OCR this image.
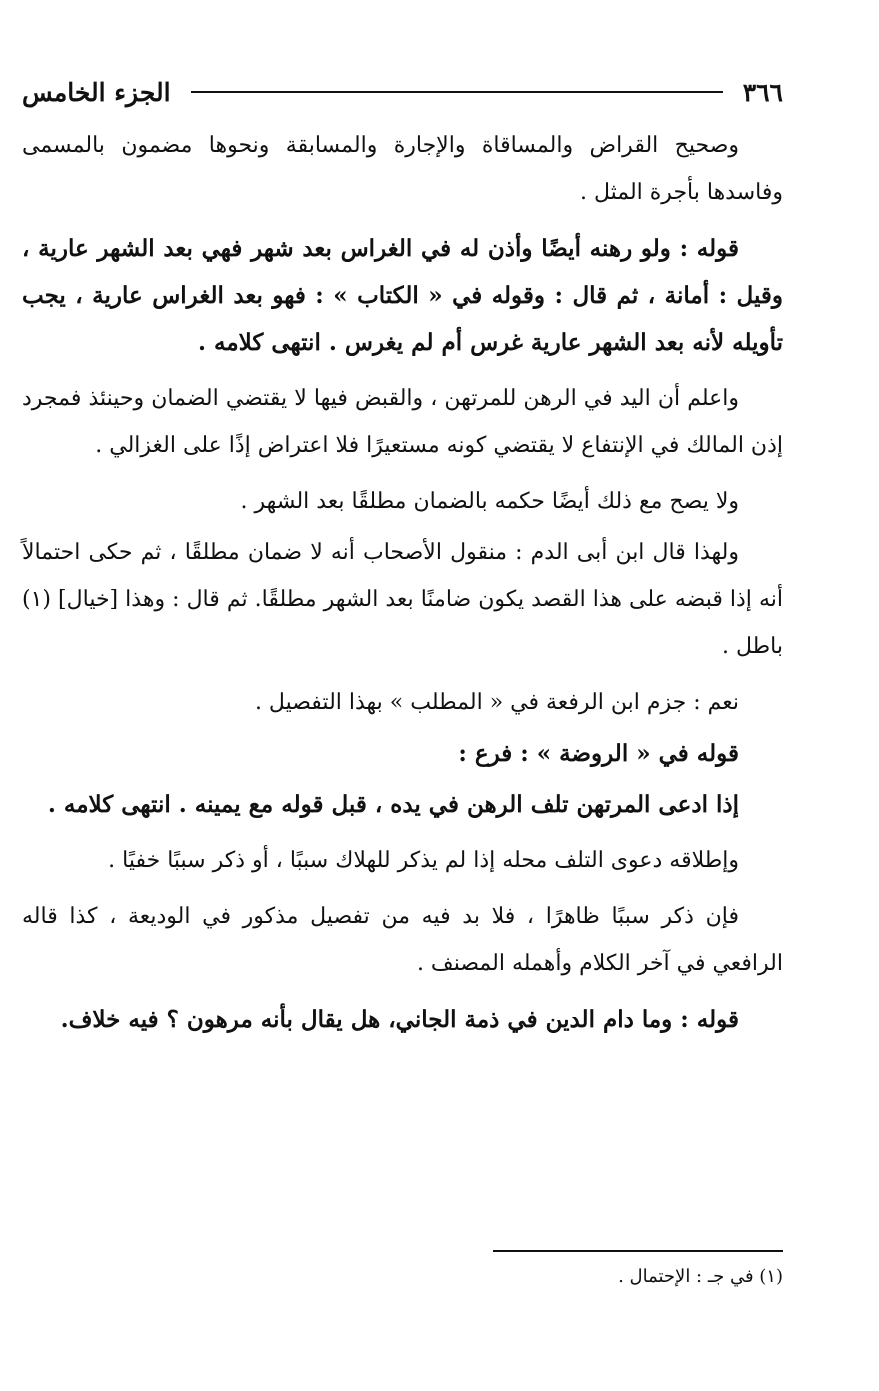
٣٦٦
الجزء الخامس

وصحيح القراض والمساقاة والإجارة والمسابقة ونحوها مضمون بالمسمى وفاسدها بأجرة المثل .

قوله : ولو رهنه أيضًا وأذن له في الغراس بعد شهر فهي بعد الشهر عارية ، وقيل : أمانة ، ثم قال : وقوله في « الكتاب » : فهو بعد الغراس عارية ، يجب تأويله لأنه بعد الشهر عارية غرس أم لم يغرس . انتهى كلامه .

واعلم أن اليد في الرهن للمرتهن ، والقبض فيها لا يقتضي الضمان وحينئذ فمجرد إذن المالك في الإنتفاع لا يقتضي كونه مستعيرًا فلا اعتراض إذًا على الغزالي .

ولا يصح مع ذلك أيضًا حكمه بالضمان مطلقًا بعد الشهر .

ولهذا قال ابن أبى الدم : منقول الأصحاب أنه لا ضمان مطلقًا ، ثم حكى احتمالاً أنه إذا قبضه على هذا القصد يكون ضامنًا بعد الشهر مطلقًا. ثم قال : وهذا [خيال] (١) باطل .

نعم : جزم ابن الرفعة في « المطلب » بهذا التفصيل .

قوله في « الروضة » : فرع :

إذا ادعى المرتهن تلف الرهن في يده ، قبل قوله مع يمينه . انتهى كلامه .

وإطلاقه دعوى التلف محله إذا لم يذكر للهلاك سببًا ، أو ذكر سببًا خفيًا .

فإن ذكر سببًا ظاهرًا ، فلا بد فيه من تفصيل مذكور في الوديعة ، كذا قاله الرافعي في آخر الكلام وأهمله المصنف .

قوله : وما دام الدين في ذمة الجاني، هل يقال بأنه مرهون ؟ فيه خلاف.

(١) في جـ : الإحتمال .
